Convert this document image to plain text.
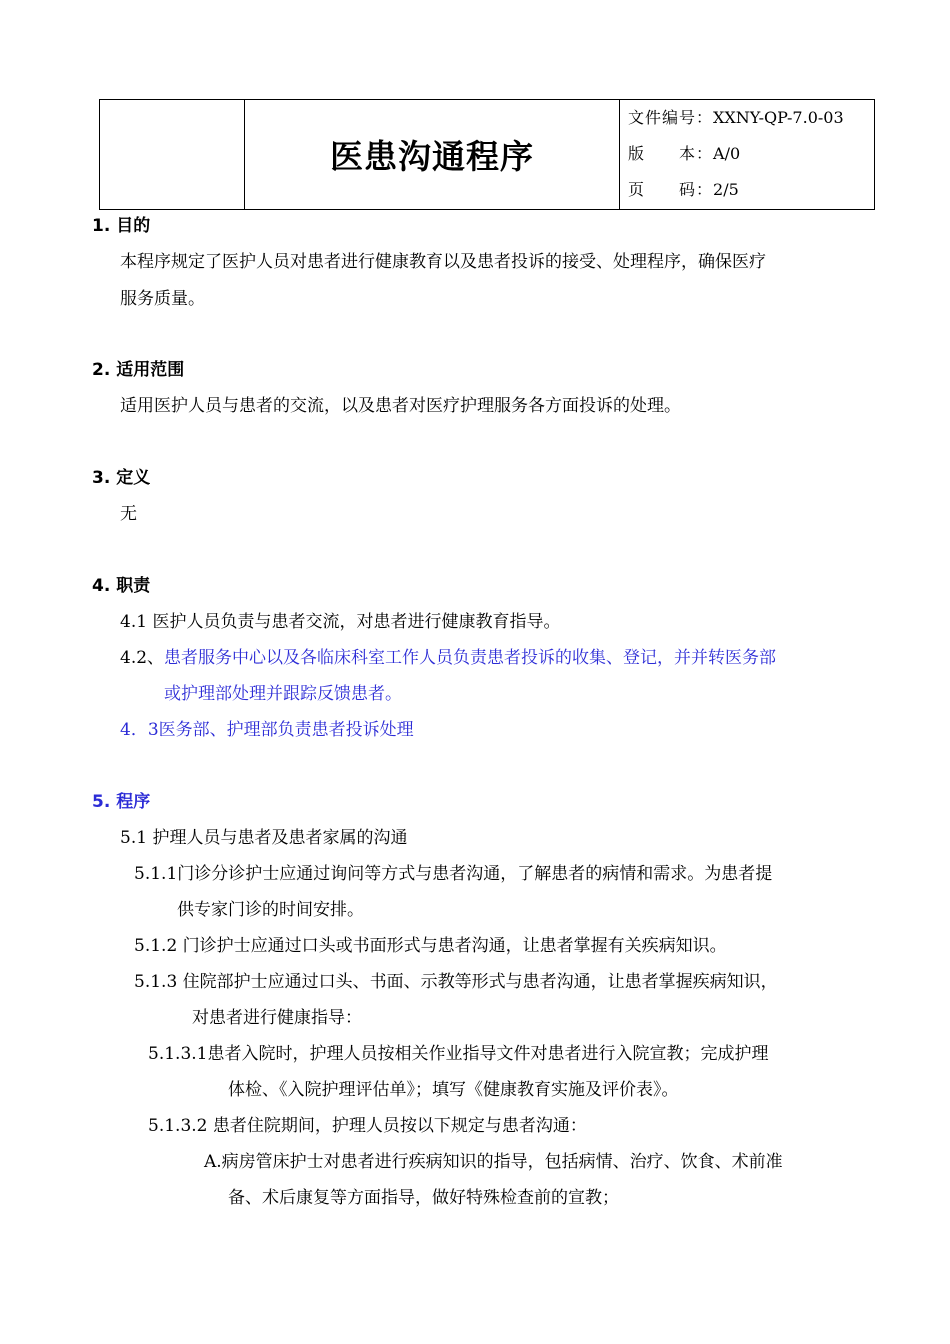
医患沟通程序
文件编号：XXNY-QP-7.0-03
版　　本：A/0
页　　码：2/5
1. 目的
本程序规定了医护人员对患者进行健康教育以及患者投诉的接受、处理程序，确保医疗
服务质量。
2. 适用范围
适用医护人员与患者的交流，以及患者对医疗护理服务各方面投诉的处理。
3. 定义
无
4. 职责
4.1 医护人员负责与患者交流，对患者进行健康教育指导。
4.2、患者服务中心以及各临床科室工作人员负责患者投诉的收集、登记，并并转医务部
或护理部处理并跟踪反馈患者。
4．3医务部、护理部负责患者投诉处理
5. 程序
5.1 护理人员与患者及患者家属的沟通
5.1.1门诊分诊护士应通过询问等方式与患者沟通，了解患者的病情和需求。为患者提
供专家门诊的时间安排。
5.1.2 门诊护士应通过口头或书面形式与患者沟通，让患者掌握有关疾病知识。
5.1.3 住院部护士应通过口头、书面、示教等形式与患者沟通，让患者掌握疾病知识，
对患者进行健康指导：
5.1.3.1患者入院时，护理人员按相关作业指导文件对患者进行入院宣教；完成护理
体检、《入院护理评估单》；填写《健康教育实施及评价表》。
5.1.3.2 患者住院期间，护理人员按以下规定与患者沟通：
A.病房管床护士对患者进行疾病知识的指导，包括病情、治疗、饮食、术前准
备、术后康复等方面指导，做好特殊检查前的宣教；
